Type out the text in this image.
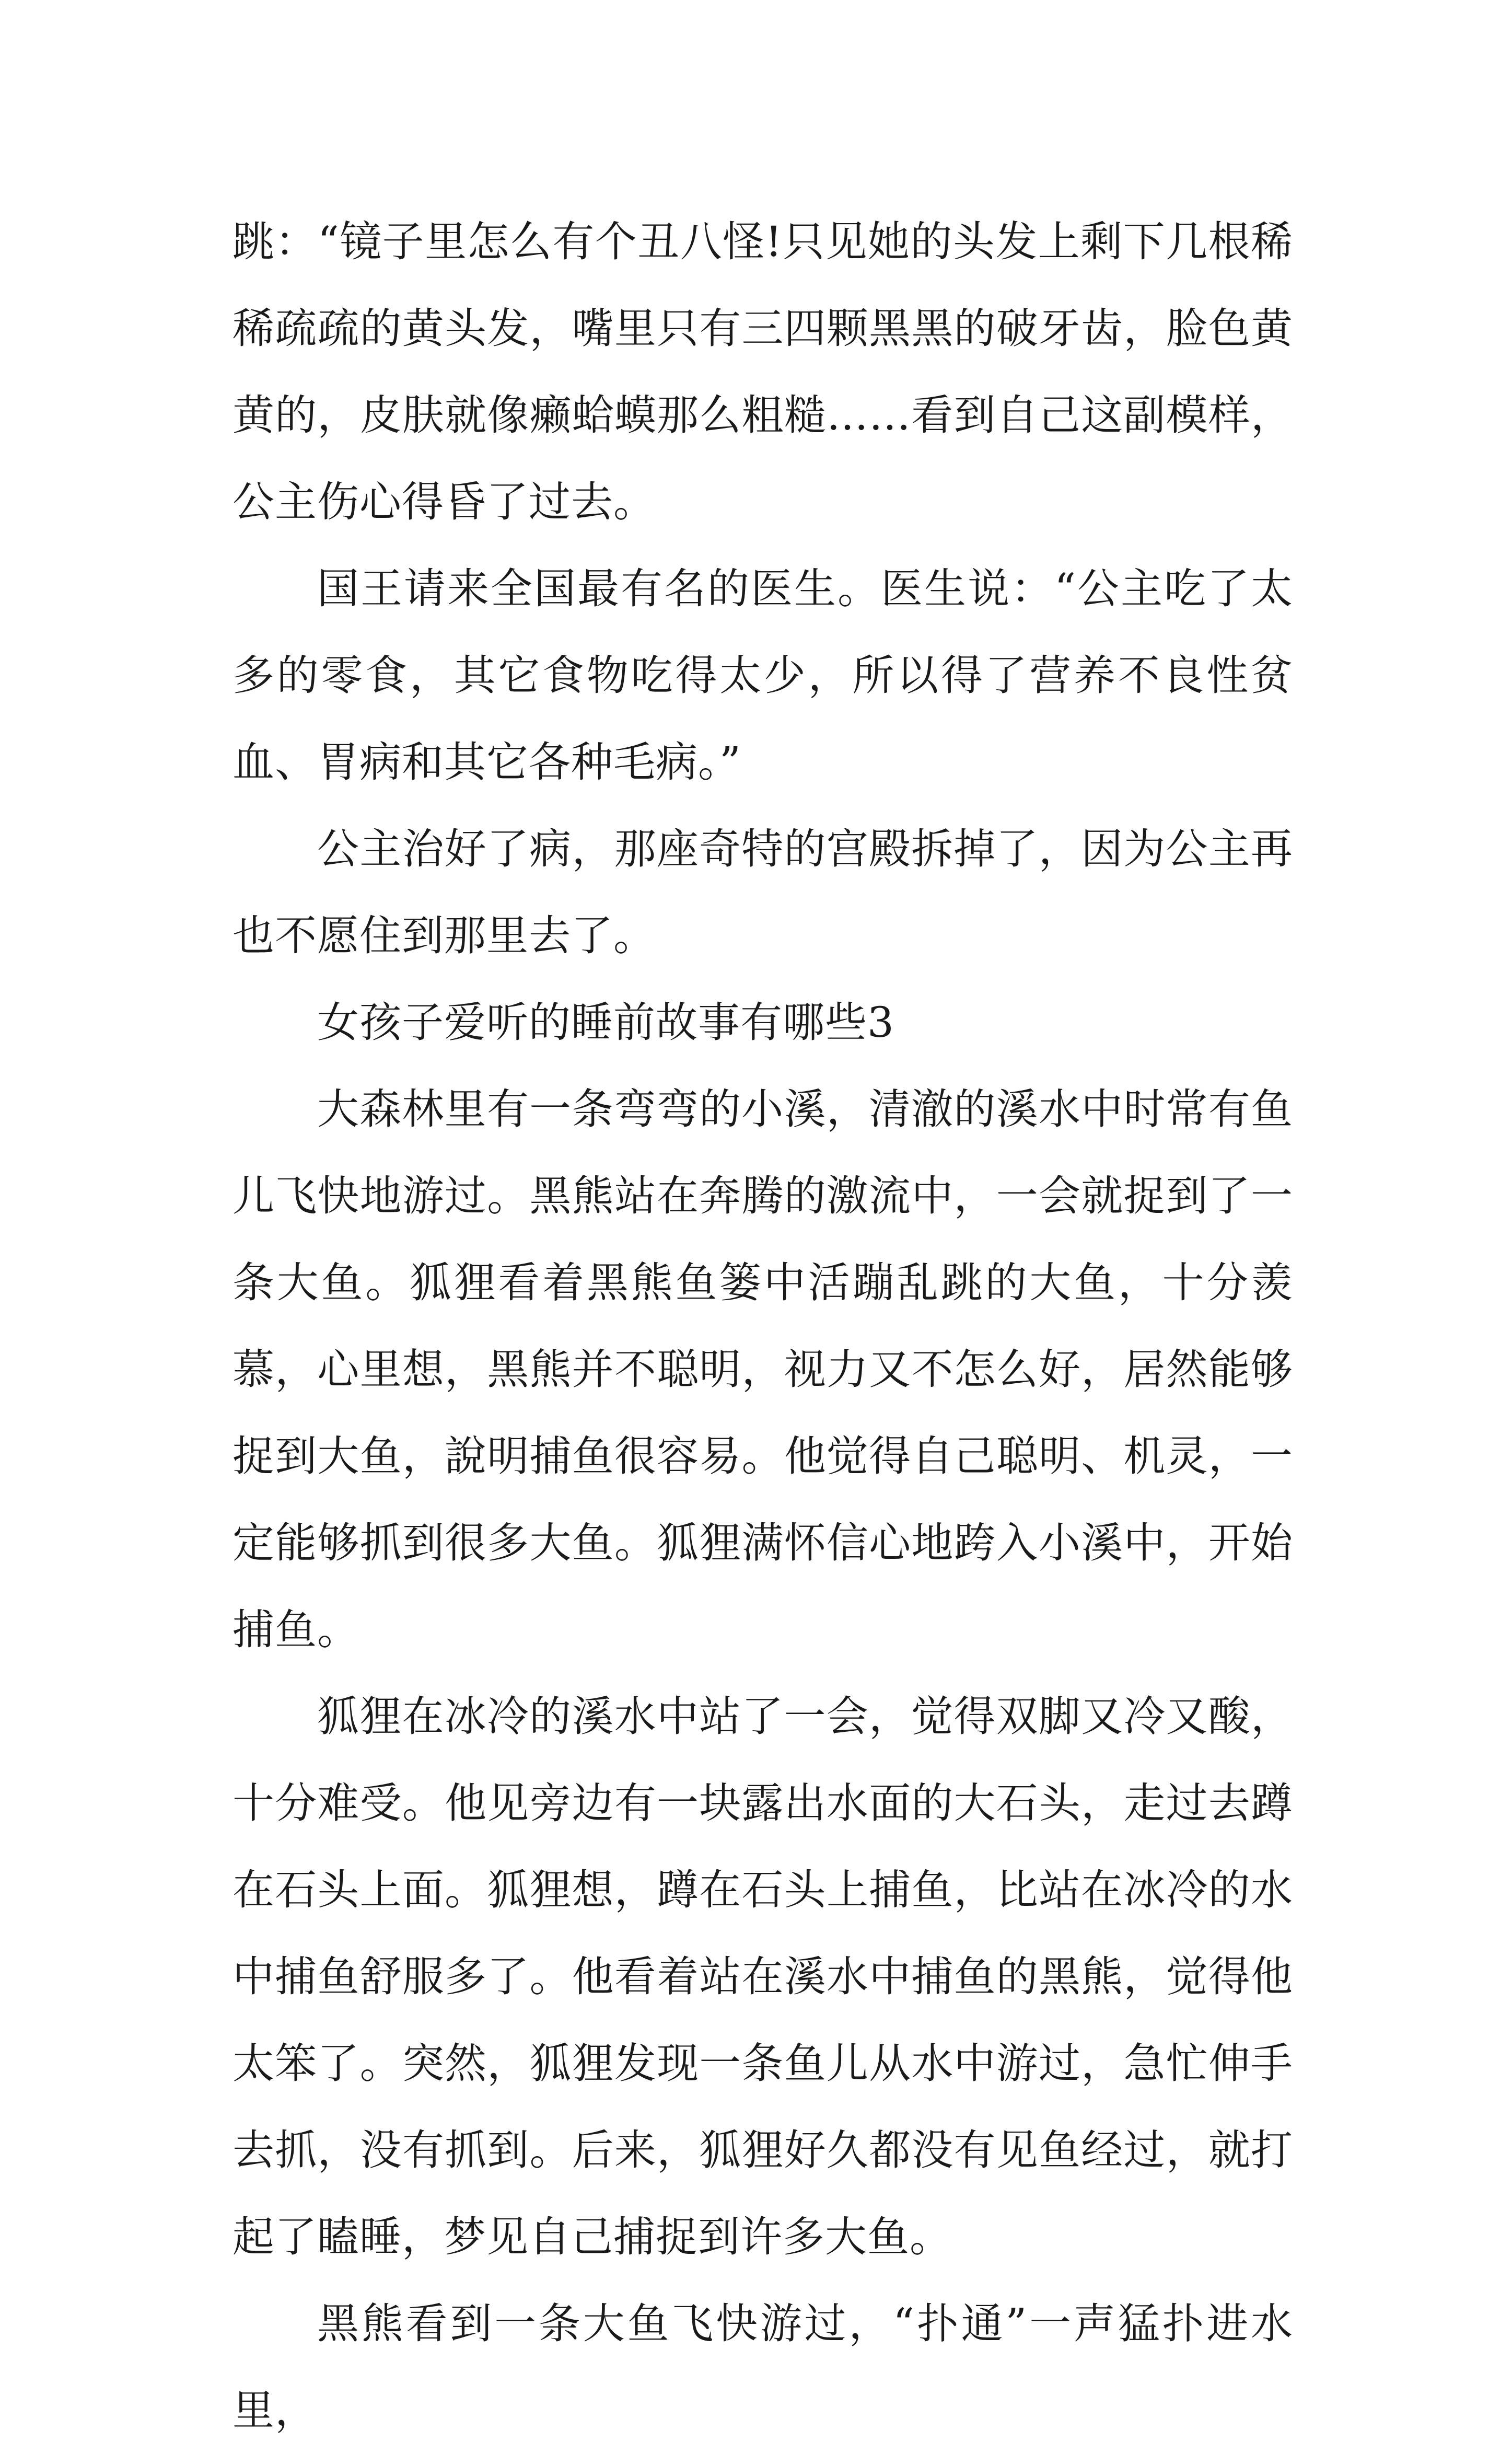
跳：“镜子里怎么有个丑八怪!只见她的头发上剩下几根稀稀疏疏的黄头发，嘴里只有三四颗黑黑的破牙齿，脸色黄黄的，皮肤就像癞蛤蟆那么粗糙……看到自己这副模样，公主伤心得昏了过去。

国王请来全国最有名的医生。医生说：“公主吃了太多的零食，其它食物吃得太少，所以得了营养不良性贫血、胃病和其它各种毛病。”

公主治好了病，那座奇特的宫殿拆掉了，因为公主再也不愿住到那里去了。

女孩子爱听的睡前故事有哪些3

大森林里有一条弯弯的小溪，清澈的溪水中时常有鱼儿飞快地游过。黑熊站在奔腾的激流中，一会就捉到了一条大鱼。狐狸看着黑熊鱼篓中活蹦乱跳的大鱼，十分羡慕，心里想，黑熊并不聪明，视力又不怎么好，居然能够捉到大鱼，說明捕鱼很容易。他觉得自己聪明、机灵，一定能够抓到很多大鱼。狐狸满怀信心地跨入小溪中，开始捕鱼。

狐狸在冰冷的溪水中站了一会，觉得双脚又冷又酸，十分难受。他见旁边有一块露出水面的大石头，走过去蹲在石头上面。狐狸想，蹲在石头上捕鱼，比站在冰冷的水中捕鱼舒服多了。他看着站在溪水中捕鱼的黑熊，觉得他太笨了。突然，狐狸发现一条鱼儿从水中游过，急忙伸手去抓，没有抓到。后来，狐狸好久都没有见鱼经过，就打起了瞌睡，梦见自己捕捉到许多大鱼。

黑熊看到一条大鱼飞快游过，“扑通”一声猛扑进水里，
